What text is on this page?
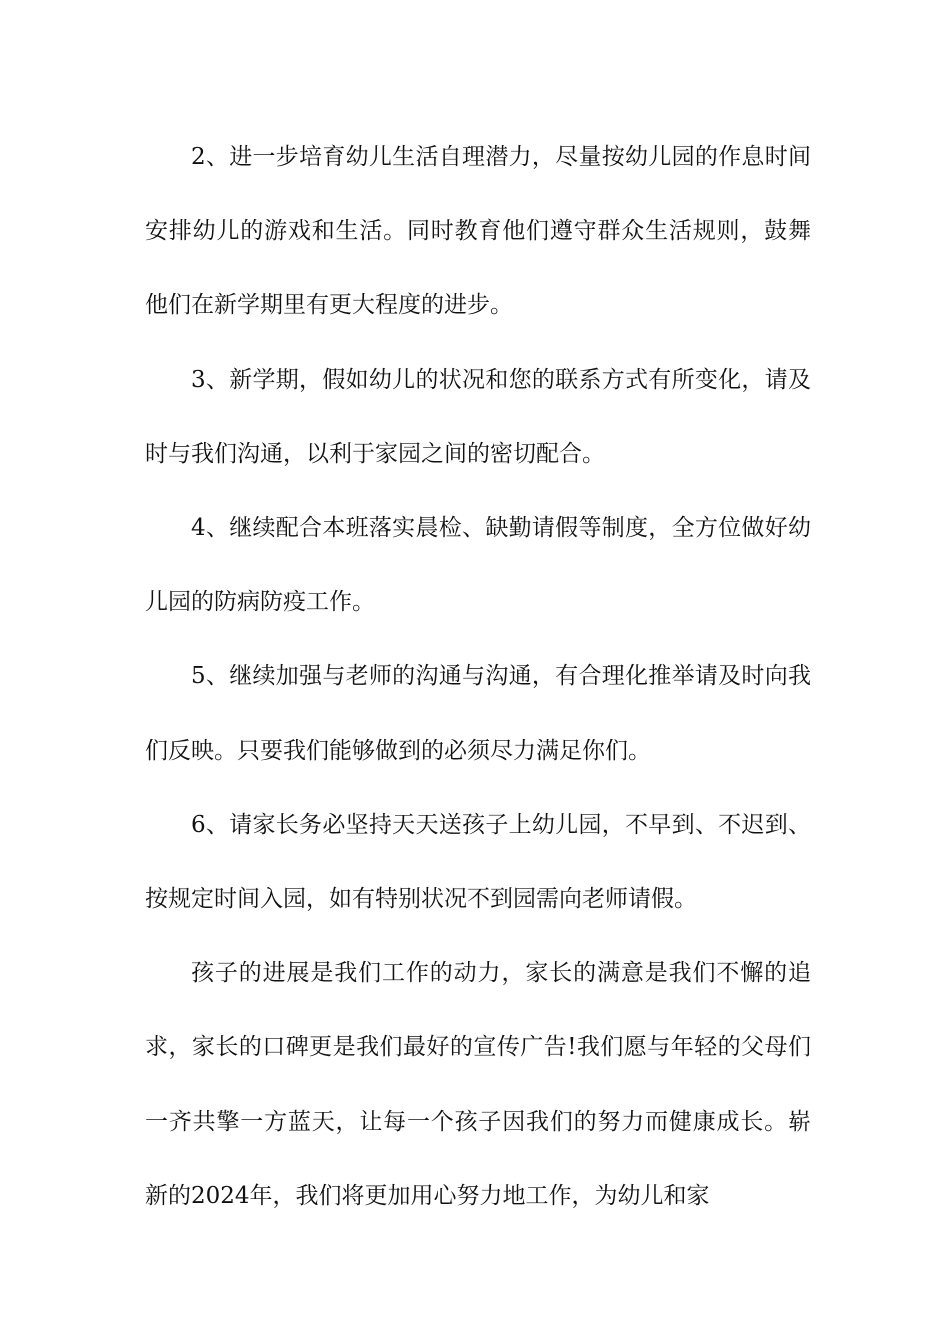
2、进一步培育幼儿生活自理潜力，尽量按幼儿园的作息时间安排幼儿的游戏和生活。同时教育他们遵守群众生活规则，鼓舞他们在新学期里有更大程度的进步。

3、新学期，假如幼儿的状况和您的联系方式有所变化，请及时与我们沟通，以利于家园之间的密切配合。

4、继续配合本班落实晨检、缺勤请假等制度，全方位做好幼儿园的防病防疫工作。

5、继续加强与老师的沟通与沟通，有合理化推举请及时向我们反映。只要我们能够做到的必须尽力满足你们。

6、请家长务必坚持天天送孩子上幼儿园，不早到、不迟到、按规定时间入园，如有特别状况不到园需向老师请假。

孩子的进展是我们工作的动力，家长的满意是我们不懈的追求，家长的口碑更是我们最好的宣传广告!我们愿与年轻的父母们一齐共擎一方蓝天，让每一个孩子因我们的努力而健康成长。崭新的2024年，我们将更加用心努力地工作，为幼儿和家
